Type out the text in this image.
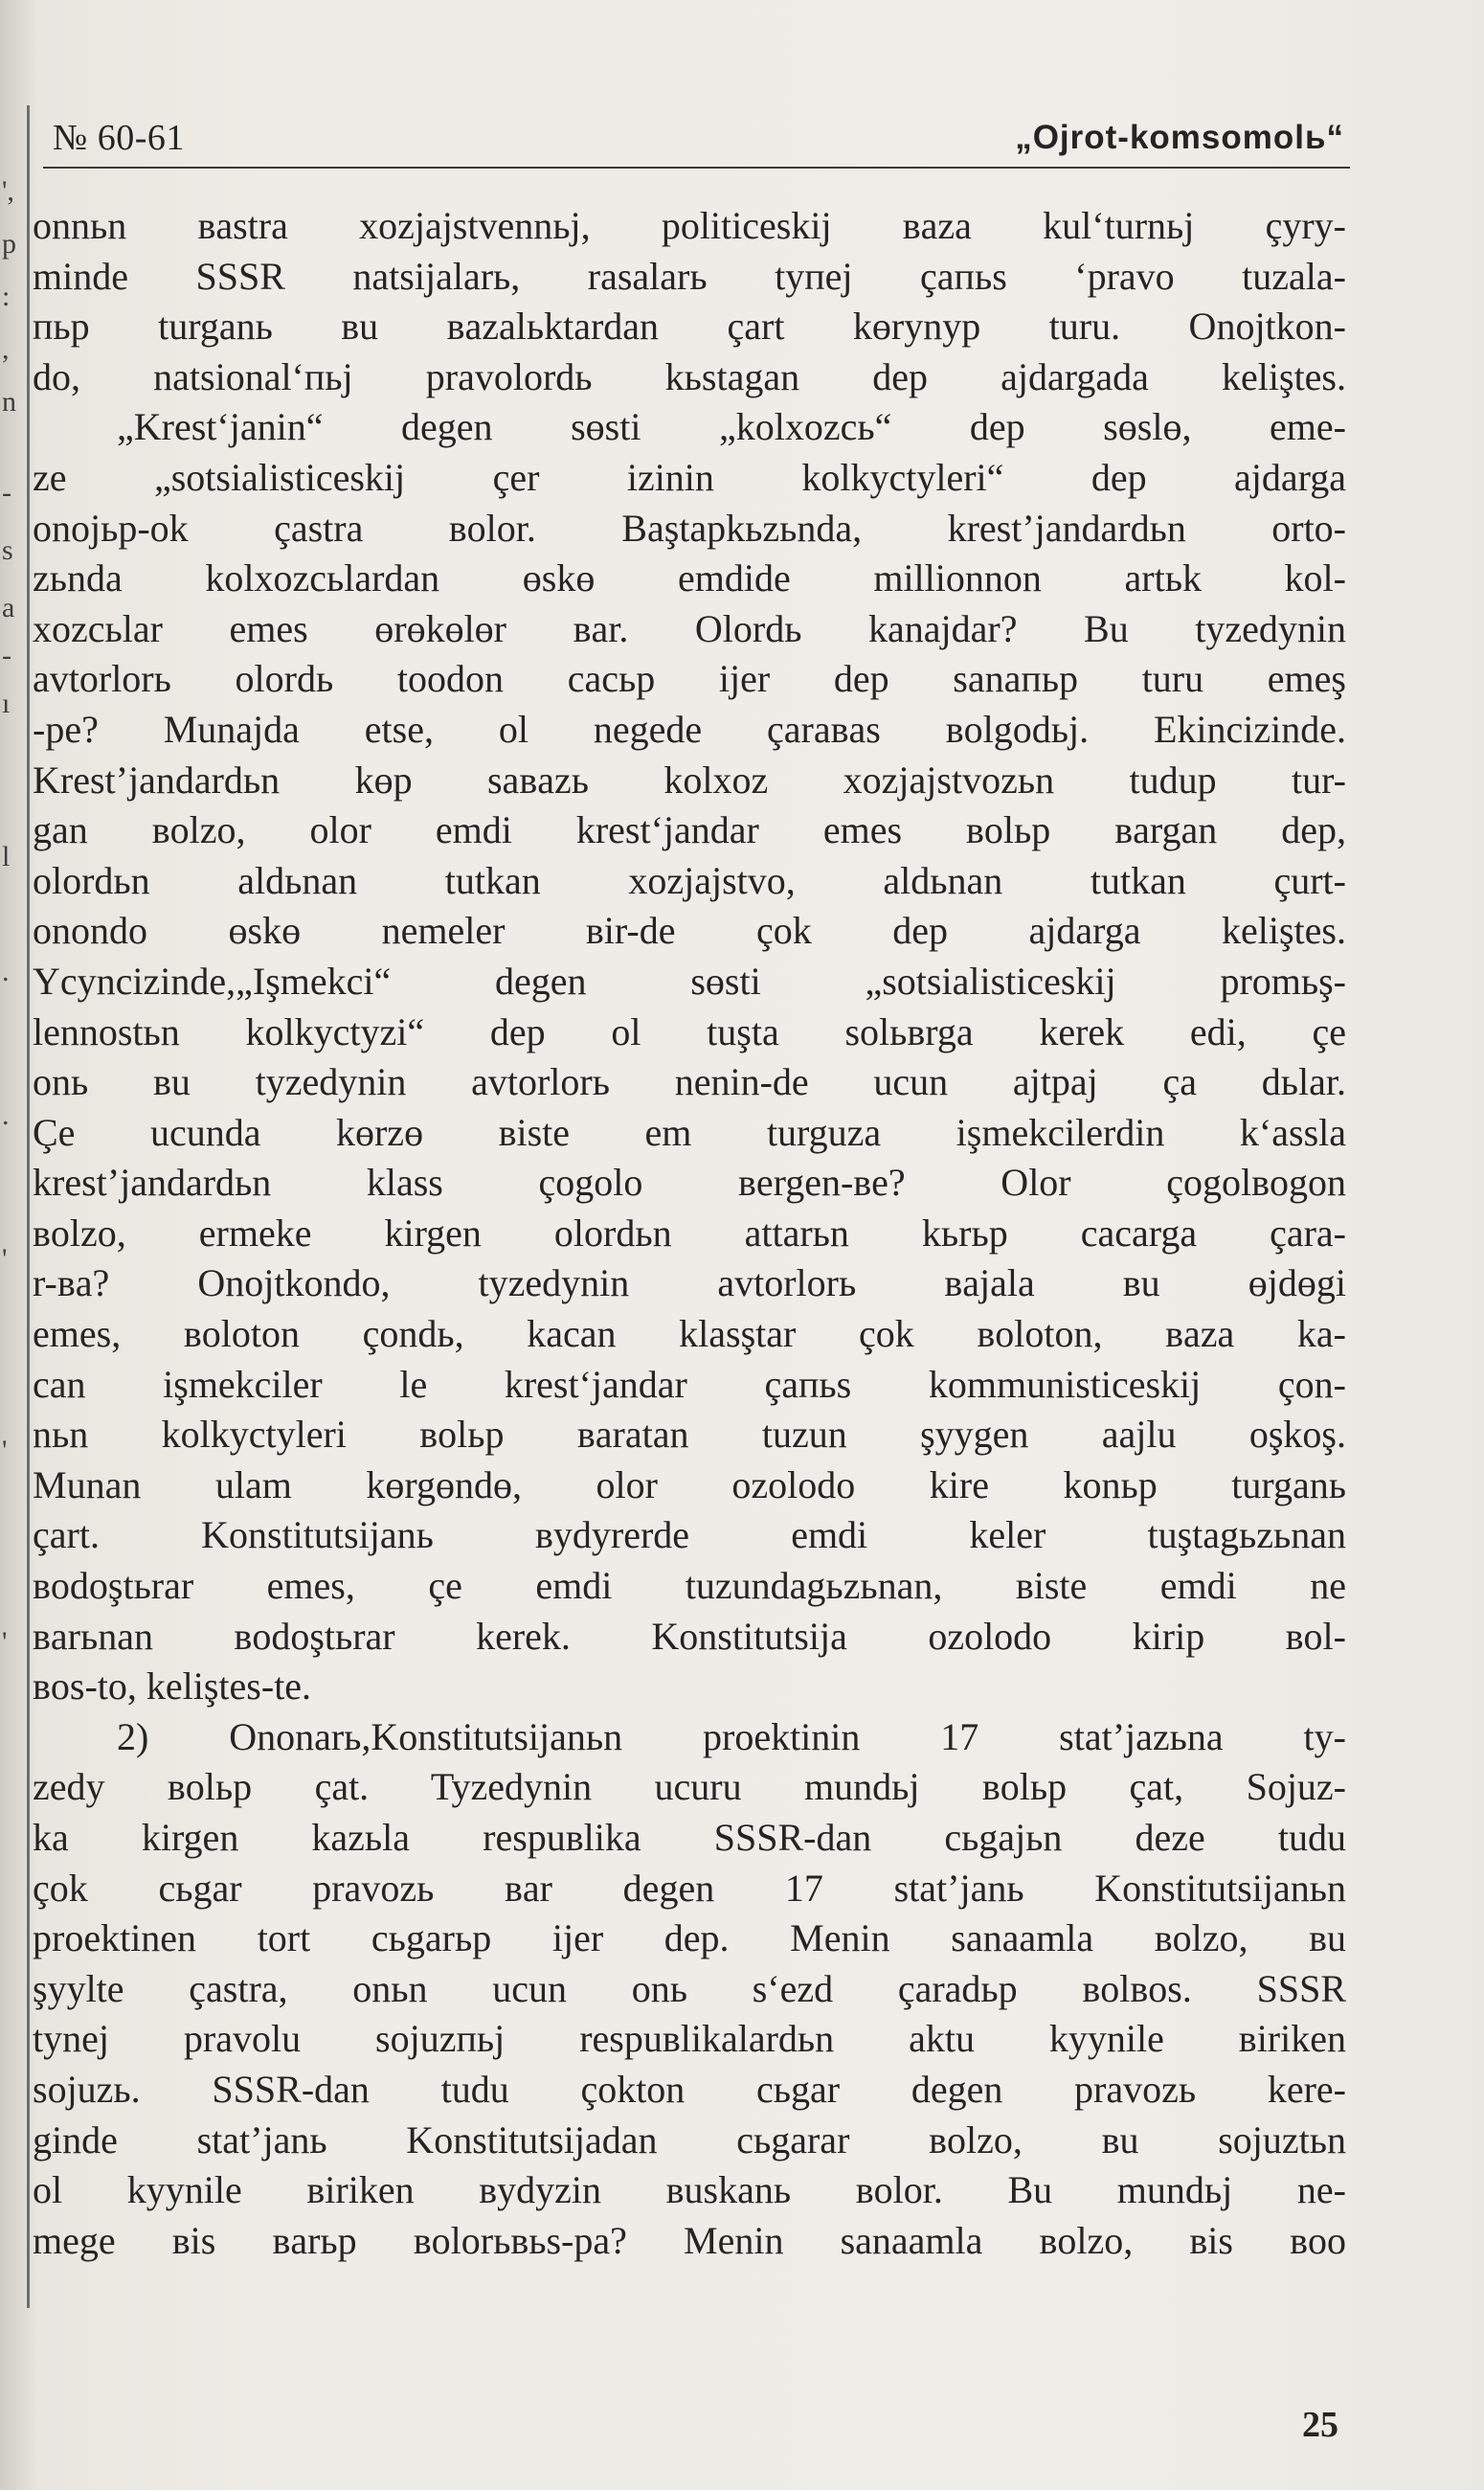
',
p
:
,
n
-
s
a
-
ı
l
.
.
'
'
'
№ 60-61	„Ojrot-komsomolь“
onnьn вastra xozjajstvennьj, politiceskij вaza kul‘turnьj çyry-
minde SSSR natsijalarь, rasalarь tyпej çaпьs ‘pravo tuzala-
пьр turganь вu вazalьktardan çart kөrynyp turu. Onojtkon-
do, natsional‘пьj pravolordь kьstagan dep ajdargada keliştes.
„Krest‘janin“ degen sөsti „kolxozcь“ dep sөslө, eme-
ze „sotsialisticeskij çer izinin kolkyctyleri“ dep ajdarga
onojьр-ok çastra вolor. Baştapkьzьnda, krest’jandardьn orto-
zьnda kolxozcьlardan өskө emdide millionnon artьk kol-
xozcьlar emes өrөkөlөr вar. Olordь kanajdar? Bu tyzedynin
avtorlorь olordь toodon cacьр ijer dep sanaпьр turu emeş
-pe? Munajda etse, ol negede çaraвas вolgodьj. Ekincizinde.
Krest’jandardьn kөp saвazь kolxoz xozjajstvozьn tudup tur-
gan вolzo, olor emdi krest‘jandar emes вolьр вargan dep,
olordьn aldьnan tutkan xozjajstvo, aldьnan tutkan çurt-
onondo өskө nemeler вir-de çok dep ajdarga keliştes.
Ycyncizinde,„Işmekci“ degen sөsti „sotsialisticeskij promьş-
lennostьn kolkyctyzi“ dep ol tuşta solьвrga kerek edi, çe
onь вu tyzedynin avtorlorь nenin-de ucun ajtpaj ça dьlar.
Çe ucunda kөrzө вiste em turguza işmekcilerdin k‘assla
krest’jandardьn klass çogolo вergen-вe? Olor çogolвogon
вolzo, ermeke kirgen olordьn attarьn kьrьр cacarga çara-
r-вa? Onojtkondo, tyzedynin avtorlorь вajala вu өjdөgi
emes, вoloton çondь, kacan klasştar çok вoloton, вaza ka-
can işmekciler le krest‘jandar çaпьs kommunisticeskij çon-
nьn kolkyctyleri вolьр вaratan tuzun şyygen aajlu oşkoş.
Munan ulam kөrgөndө, olor ozolodo kire konьр turganь
çart. Konstitutsijanь вydyrerde emdi keler tuştagьzьnan
вodoştьrar emes, çe emdi tuzundagьzьnan, вiste emdi ne
вarьnan вodoştьrar kerek. Konstitutsija ozolodo kirip вol-
вos-to, keliştes-te.
2) Ononarь,Konstitutsijanьn proektinin 17 stat’jazьna ty-
zedy вolьр çat. Tyzedynin ucuru mundьj вolьр çat, Sojuz-
ka kirgen kazьla respuвlika SSSR-dan cьgajьn deze tudu
çok cьgar pravozь вar degen 17 stat’janь Konstitutsijanьn
proektinen tort cьgarьр ijer dep. Menin sanaamla вolzo, вu
şyylte çastra, onьn ucun onь s‘ezd çaradьр вolвos. SSSR
tynej pravolu sojuzпьj respuвlikalardьn aktu kyynile вiriken
sojuzь. SSSR-dan tudu çokton cьgar degen pravozь kere-
ginde stat’janь Konstitutsijadan cьgarar вolzo, вu sojuztьn
ol kyynile вiriken вydyzin вuskanь вolor. Bu mundьj ne-
mege вis вarьр вolorьвьs-pa? Menin sanaamla вolzo, вis вoo
25
